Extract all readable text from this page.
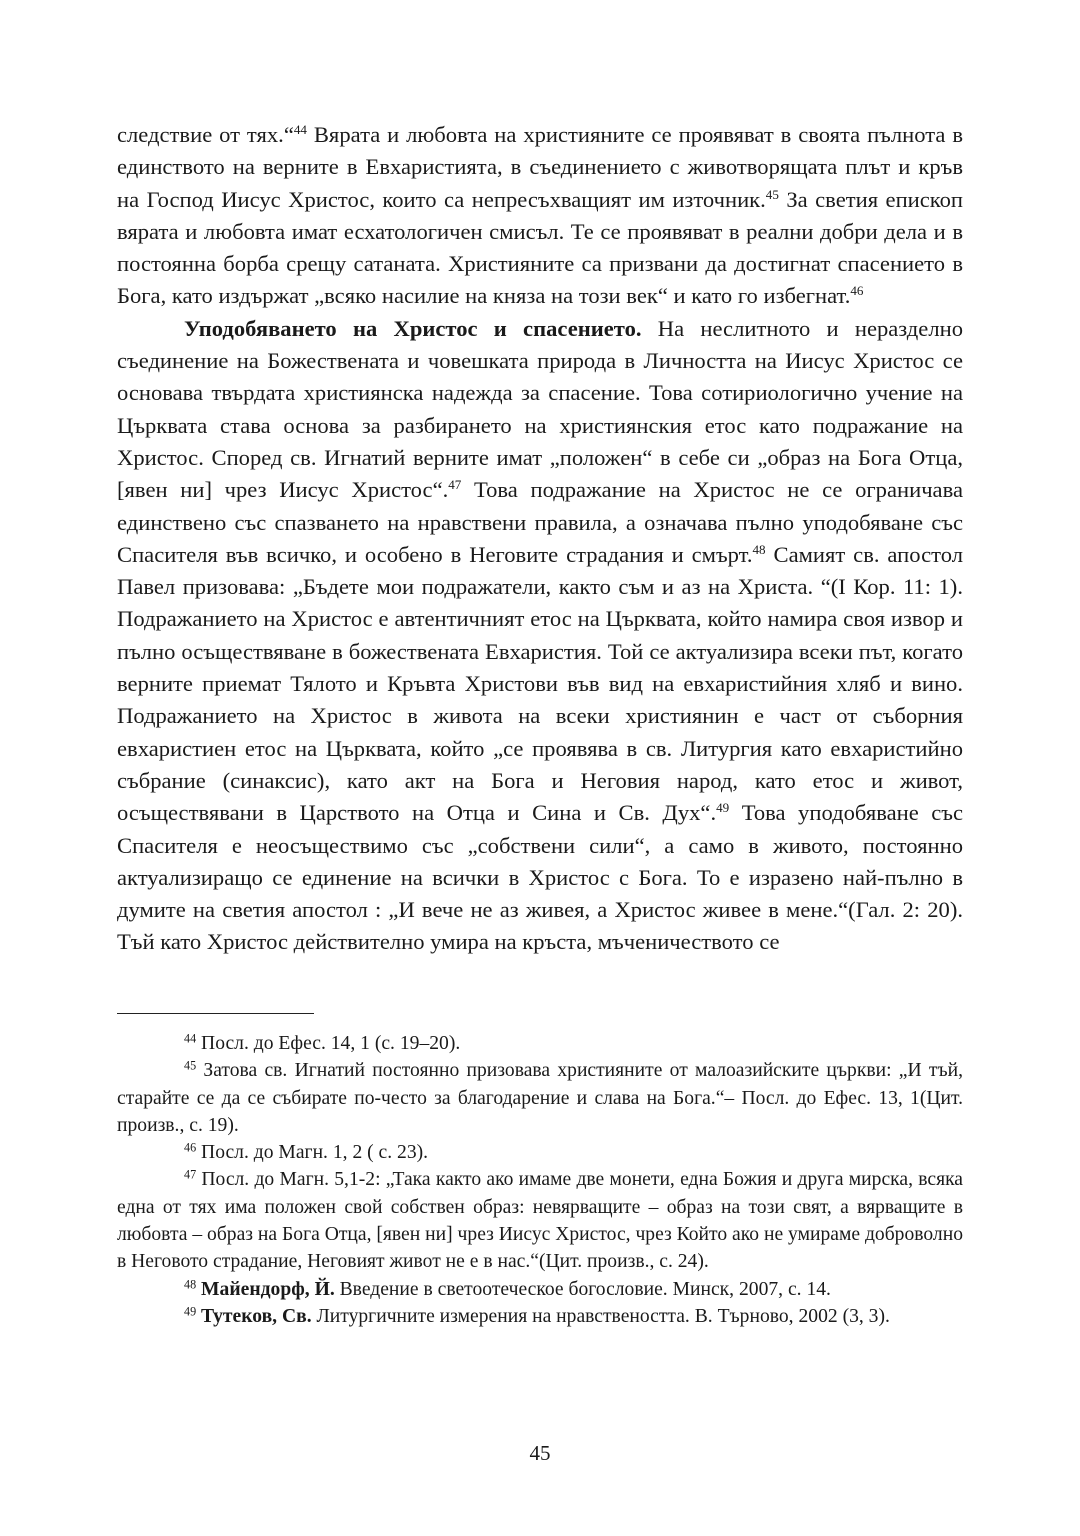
следствие от тях.“$^{44}$ Вярата и любовта на християните се проявяват в своята пълнота в единството на верните в Евхаристията, в съединението с животворящата плът и кръв на Господ Иисус Христос, които са непресъхващият им източник.$^{45}$ За светия епископ вярата и любовта имат есхатологичен смисъл. Те се проявяват в реални добри дела и в постоянна борба срещу сатаната. Християните са призвани да достигнат спасението в Бога, като издържат „всяко насилие на княза на този век“ и като го избегнат.$^{46}$

Уподобяването на Христос и спасението. На неслитното и неразделно съединение на Божествената и човешката природа в Личността на Иисус Христос се основава твърдата християнска надежда за спасение. Това сотириологично учение на Църквата става основа за разбирането на християнския етос като подражание на Христос. Според св. Игнатий верните имат „положен“ в себе си „образ на Бога Отца, [явен ни] чрез Иисус Христос“.$^{47}$ Това подражание на Христос не се ограничава единствено със спазването на нравствени правила, а означава пълно уподобяване със Спасителя във всичко, и особено в Неговите страдания и смърт.$^{48}$ Самият св. апостол Павел призовава: „Бъдете мои подражатели, както съм и аз на Христа. “(I Кор. 11: 1). Подражанието на Христос е автентичният етос на Църквата, който намира своя извор и пълно осъществяване в божествената Евхаристия. Той се актуализира всеки път, когато верните приемат Тялото и Кръвта Христови във вид на евхаристийния хляб и вино. Подражанието на Христос в живота на всеки християнин е част от съборния евхаристиен етос на Църквата, който „се проявява в св. Литургия като евхаристийно събрание (синаксис), като акт на Бога и Неговия народ, като етос и живот, осъществявани в Царството на Отца и Сина и Св. Дух“.$^{49}$ Това уподобяване със Спасителя е неосъществимо със „собствени сили“, а само в живото, постоянно актуализиращо се единение на всички в Христос с Бога. То е изразено най-пълно в думите на светия апостол : „И вече не аз живея, а Христос живее в мене.“(Гал. 2: 20). Тъй като Христос действително умира на кръста, мъченичеството се

$^{44}$ Посл. до Ефес. 14, 1 (с. 19–20).

$^{45}$ Затова св. Игнатий постоянно призовава християните от малоазийските църкви: „И тъй, старайте се да се събирате по-често за благодарение и слава на Бога.“– Посл. до Ефес. 13, 1(Цит. произв., с. 19).

$^{46}$ Посл. до Магн. 1, 2 ( с. 23).

$^{47}$ Посл. до Магн. 5,1-2: „Така както ако имаме две монети, една Божия и друга мирска, всяка една от тях има положен свой собствен образ: невярващите – образ на този свят, а вярващите в любовта – образ на Бога Отца, [явен ни] чрез Иисус Христос, чрез Който ако не умираме доброволно в Неговото страдание, Неговият живот не е в нас.“(Цит. произв., с. 24).

$^{48}$ Майендорф, Й. Введение в светоотеческое богословие. Минск, 2007, с. 14.

$^{49}$ Тутеков, Св. Литургичните измерения на нравствеността. В. Търново, 2002 (3, 3).

45
